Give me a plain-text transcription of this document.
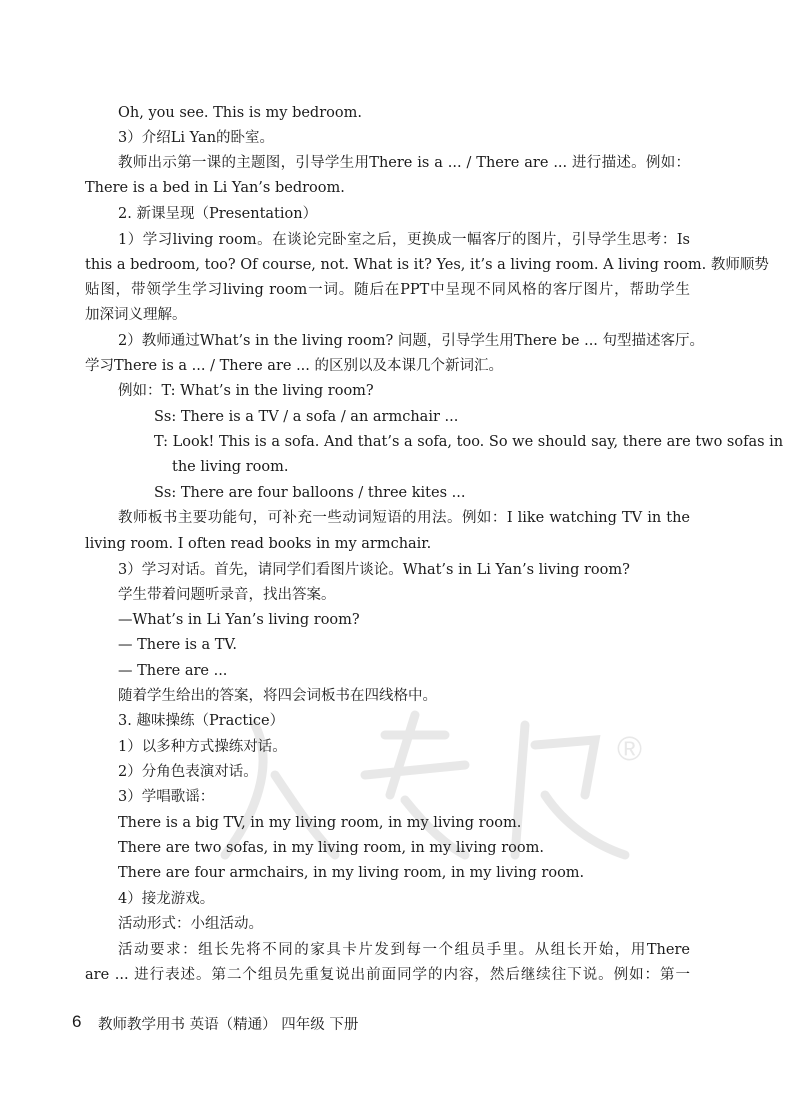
Oh, you see. This is my bedroom.
3）介绍Li Yan的卧室。
教师出示第一课的主题图，引导学生用There is a ... / There are ... 进行描述。例如：
There is a bed in Li Yan’s bedroom.
2. 新课呈现（Presentation）
1）学习living room。在谈论完卧室之后，更换成一幅客厅的图片，引导学生思考：Is
this a bedroom, too? Of course, not. What is it? Yes, it’s a living room. A living room. 教师顺势
贴图，带领学生学习living room一词。随后在PPT中呈现不同风格的客厅图片，帮助学生
加深词义理解。
2）教师通过What’s in the living room? 问题，引导学生用There be ... 句型描述客厅。
学习There is a ... / There are ... 的区别以及本课几个新词汇。
例如：T: What’s in the living room?
Ss: There is a TV / a sofa / an armchair ...
T: Look! This is a sofa. And that’s a sofa, too. So we should say, there are two sofas in
the living room.
Ss: There are four balloons / three kites ...
教师板书主要功能句，可补充一些动词短语的用法。例如：I like watching TV in the
living room. I often read books in my armchair.
3）学习对话。首先，请同学们看图片谈论。What’s in Li Yan’s living room?
学生带着问题听录音，找出答案。
—What’s in Li Yan’s living room?
— There is a TV.
— There are ...
随着学生给出的答案，将四会词板书在四线格中。
3. 趣味操练（Practice）
1）以多种方式操练对话。
2）分角色表演对话。
3）学唱歌谣：
There is a big TV, in my living room, in my living room.
There are two sofas, in my living room, in my living room.
There are four armchairs, in my living room, in my living room.
4）接龙游戏。
活动形式：小组活动。
活动要求：组长先将不同的家具卡片发到每一个组员手里。从组长开始，用There
are ... 进行表述。第二个组员先重复说出前面同学的内容，然后继续往下说。例如：第一
®
6 教师教学用书 英语（精通） 四年级 下册
